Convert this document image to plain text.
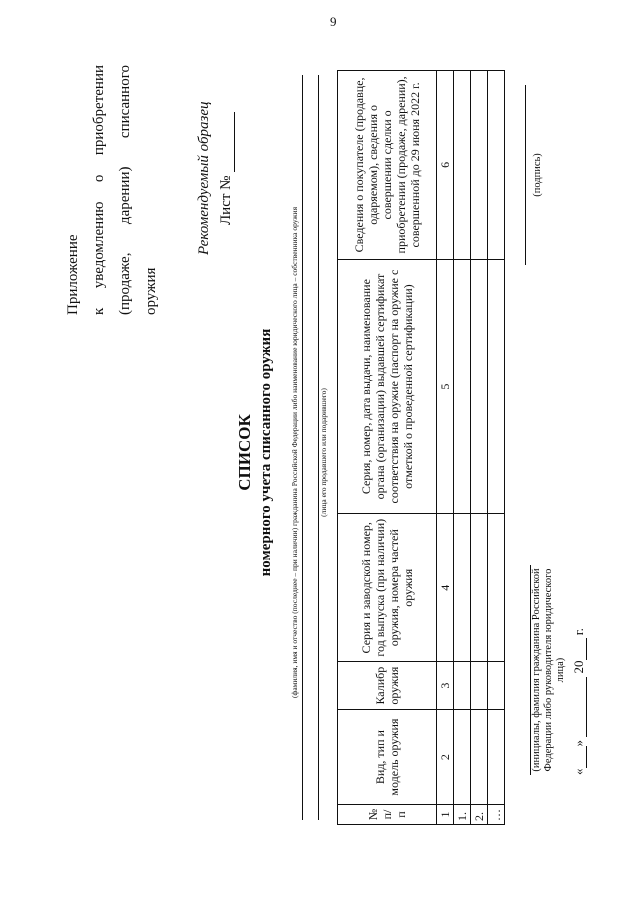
9
Приложение к
уведомлению
о
приобретении
(продаже,
дарении)
списанного
оружия
Рекомендуемый образец Лист №
СПИСОК номерного учета списанного оружия (фамилия, имя и отчество (последнее – при наличии) гражданина Российской Федерации либо наименование юридического лица – собственника оружия	(лица его продавшего или подарившего)
№ п/п	Вид, тип и модель оружия	Калибр оружия	Серия и заводской номер, год выпуска (при наличии) оружия, номера частей оружия	Серия, номер, дата выдачи, наименование органа (организации) выдавшей сертификат соответствия на оружие (паспорт на оружие с отметкой о проведенной сертификации)	Сведения о покупателе (продавце, одаряемом), сведения о совершении сделки о приобретении (продаже, дарении), совершенной до 29 июня 2022 г.
1	2	3	4	5	6
1.					
2.					
…					
(инициалы, фамилия гражданина Российской Федерации либо руководителя юридического лица)
«»  20 г.
(подпись)
